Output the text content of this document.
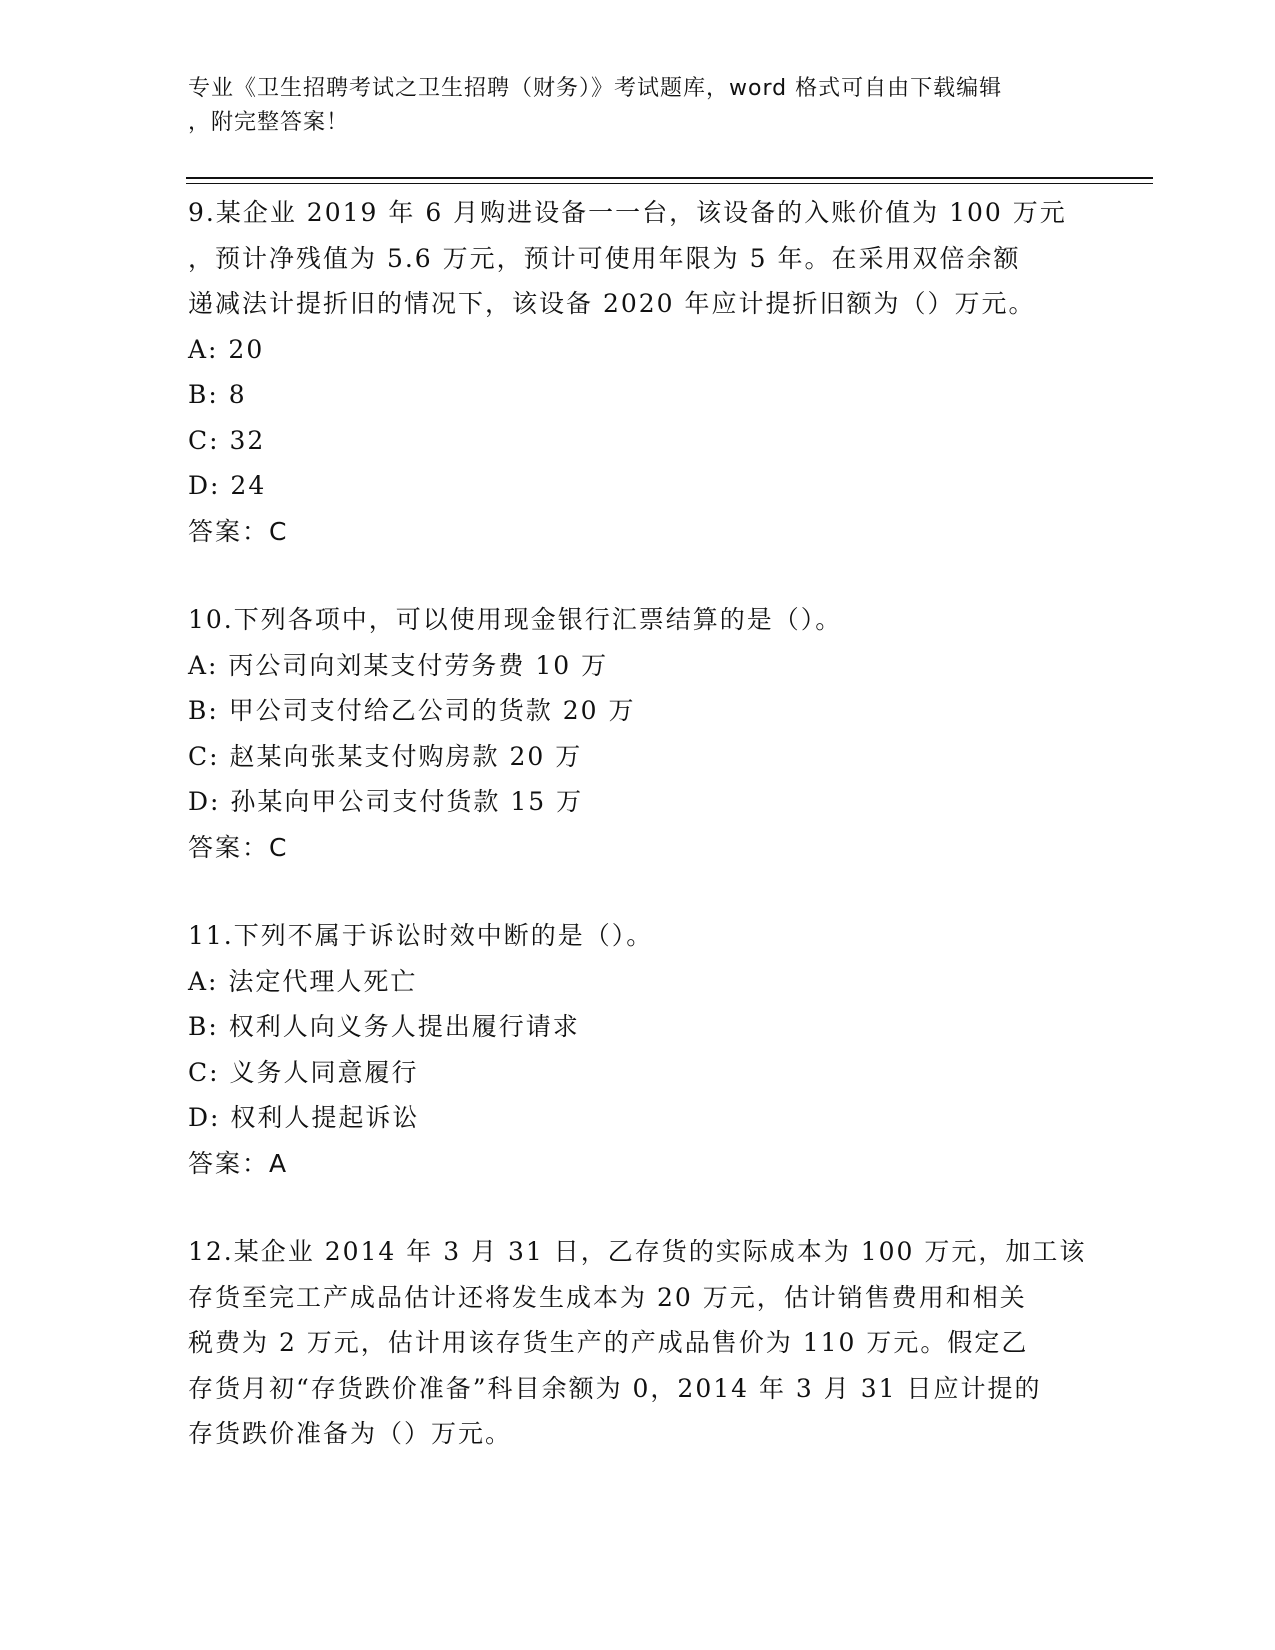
专业《卫生招聘考试之卫生招聘（财务）》考试题库，word 格式可自由下载编辑
，附完整答案！

9.某企业 2019 年 6 月购进设备一一台，该设备的入账价值为 100 万元

，预计净残值为 5.6 万元，预计可使用年限为 5 年。在采用双倍余额

递减法计提折旧的情况下，该设备 2020 年应计提折旧额为（）万元。

A: 20

B: 8

C: 32

D: 24

答案：C

10.下列各项中，可以使用现金银行汇票结算的是（）。

A: 丙公司向刘某支付劳务费 10 万

B: 甲公司支付给乙公司的货款 20 万

C: 赵某向张某支付购房款 20 万

D: 孙某向甲公司支付货款 15 万

答案：C

11.下列不属于诉讼时效中断的是（）。

A: 法定代理人死亡

B: 权利人向义务人提出履行请求

C: 义务人同意履行

D: 权利人提起诉讼

答案：A

12.某企业 2014 年 3 月 31 日，乙存货的实际成本为 100 万元，加工该

存货至完工产成品估计还将发生成本为 20 万元，估计销售费用和相关

税费为 2 万元，估计用该存货生产的产成品售价为 110 万元。假定乙

存货月初“存货跌价准备”科目余额为 0，2014 年 3 月 31 日应计提的

存货跌价准备为（）万元。
